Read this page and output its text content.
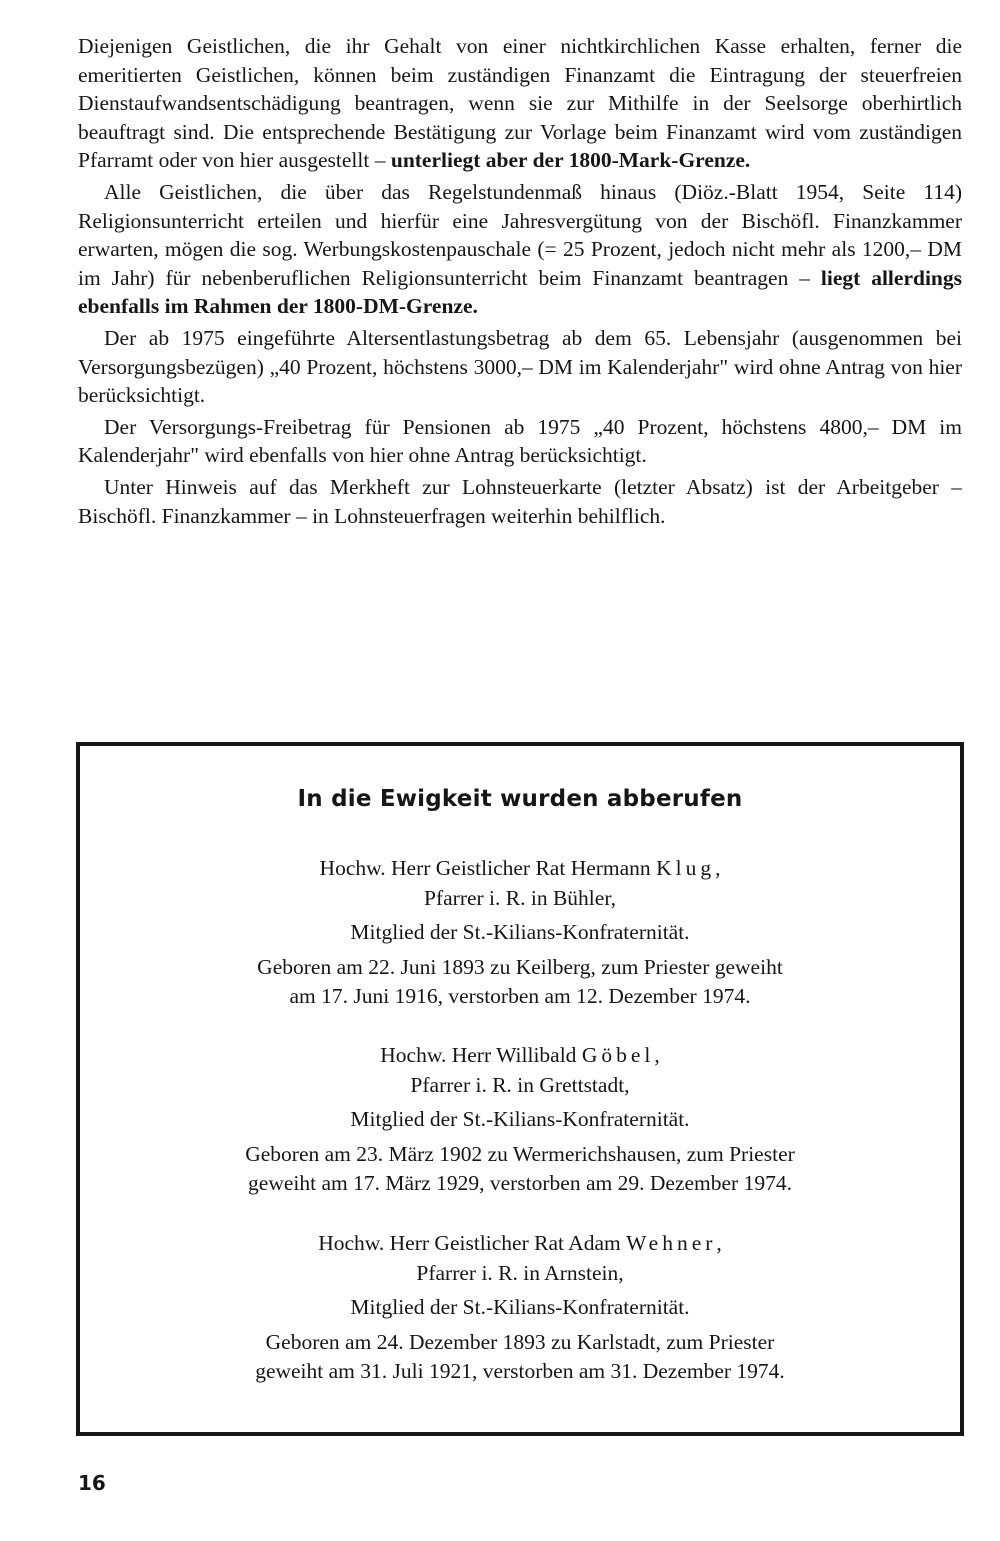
Diejenigen Geistlichen, die ihr Gehalt von einer nichtkirchlichen Kasse erhalten, ferner die emeritierten Geistlichen, können beim zuständigen Finanzamt die Eintragung der steuerfreien Dienstaufwandsentschädigung beantragen, wenn sie zur Mithilfe in der Seelsorge oberhirtlich beauftragt sind. Die entsprechende Bestätigung zur Vorlage beim Finanzamt wird vom zuständigen Pfarramt oder von hier ausgestellt – unterliegt aber der 1800-Mark-Grenze.

Alle Geistlichen, die über das Regelstundenmaß hinaus (Diöz.-Blatt 1954, Seite 114) Religionsunterricht erteilen und hierfür eine Jahresvergütung von der Bischöfl. Finanzkammer erwarten, mögen die sog. Werbungskostenpauschale (= 25 Prozent, jedoch nicht mehr als 1200,– DM im Jahr) für nebenberuflichen Religionsunterricht beim Finanzamt beantragen – liegt allerdings ebenfalls im Rahmen der 1800-DM-Grenze.

Der ab 1975 eingeführte Altersentlastungsbetrag ab dem 65. Lebensjahr (ausgenommen bei Versorgungsbezügen) „40 Prozent, höchstens 3000,– DM im Kalenderjahr" wird ohne Antrag von hier berücksichtigt.

Der Versorgungs-Freibetrag für Pensionen ab 1975 „40 Prozent, höchstens 4800,– DM im Kalenderjahr" wird ebenfalls von hier ohne Antrag berücksichtigt.

Unter Hinweis auf das Merkheft zur Lohnsteuerkarte (letzter Absatz) ist der Arbeitgeber – Bischöfl. Finanzkammer – in Lohnsteuerfragen weiterhin behilflich.

In die Ewigkeit wurden abberufen
Hochw. Herr Geistlicher Rat Hermann Klug,
Pfarrer i. R. in Bühler,
Mitglied der St.-Kilians-Konfraternität.
Geboren am 22. Juni 1893 zu Keilberg, zum Priester geweiht
am 17. Juni 1916, verstorben am 12. Dezember 1974.
Hochw. Herr Willibald Göbel,
Pfarrer i. R. in Grettstadt,
Mitglied der St.-Kilians-Konfraternität.
Geboren am 23. März 1902 zu Wermerichshausen, zum Priester
geweiht am 17. März 1929, verstorben am 29. Dezember 1974.
Hochw. Herr Geistlicher Rat Adam Wehner,
Pfarrer i. R. in Arnstein,
Mitglied der St.-Kilians-Konfraternität.
Geboren am 24. Dezember 1893 zu Karlstadt, zum Priester
geweiht am 31. Juli 1921, verstorben am 31. Dezember 1974.
16
